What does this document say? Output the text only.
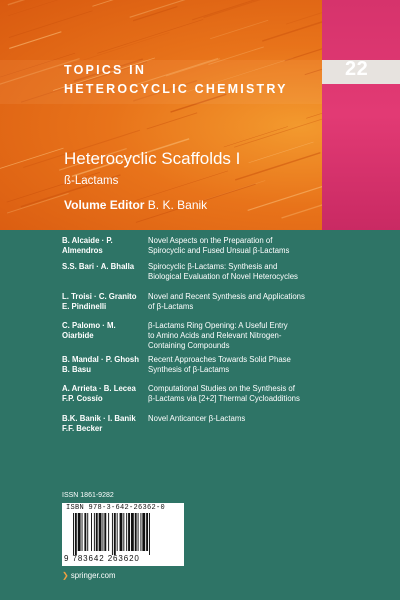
22
TOPICS IN
HETEROCYCLIC CHEMISTRY
Heterocyclic Scaffolds I
ß-Lactams
Volume Editor B. K. Banik
B. Alcaide · P. Almendros
Novel Aspects on the Preparation of
Spirocyclic and Fused Unsual β-Lactams
S.S. Bari · A. Bhalla	Spirocyclic β-Lactams: Synthesis and
Biological Evaluation of Novel Heterocycles
L. Troisi · C. Granito
E. Pindinelli
Novel and Recent Synthesis and Applications
of β-Lactams
C. Palomo · M. Oiarbide
β-Lactams Ring Opening: A Useful Entry
to Amino Acids and Relevant Nitrogen-
Containing Compounds
B. Mandal · P. Ghosh
B. Basu
Recent Approaches Towards Solid Phase
Synthesis of β-Lactams
A. Arrieta · B. Lecea
F.P. Cossío
Computational Studies on the Synthesis of
β-Lactams via [2+2] Thermal Cycloadditions
B.K. Banik · I. Banik
F.F. Becker
Novel Anticancer β-Lactams
ISSN 1861-9282
ISBN 978-3-642-26362-0
9 783642 263620
❯ springer.com
